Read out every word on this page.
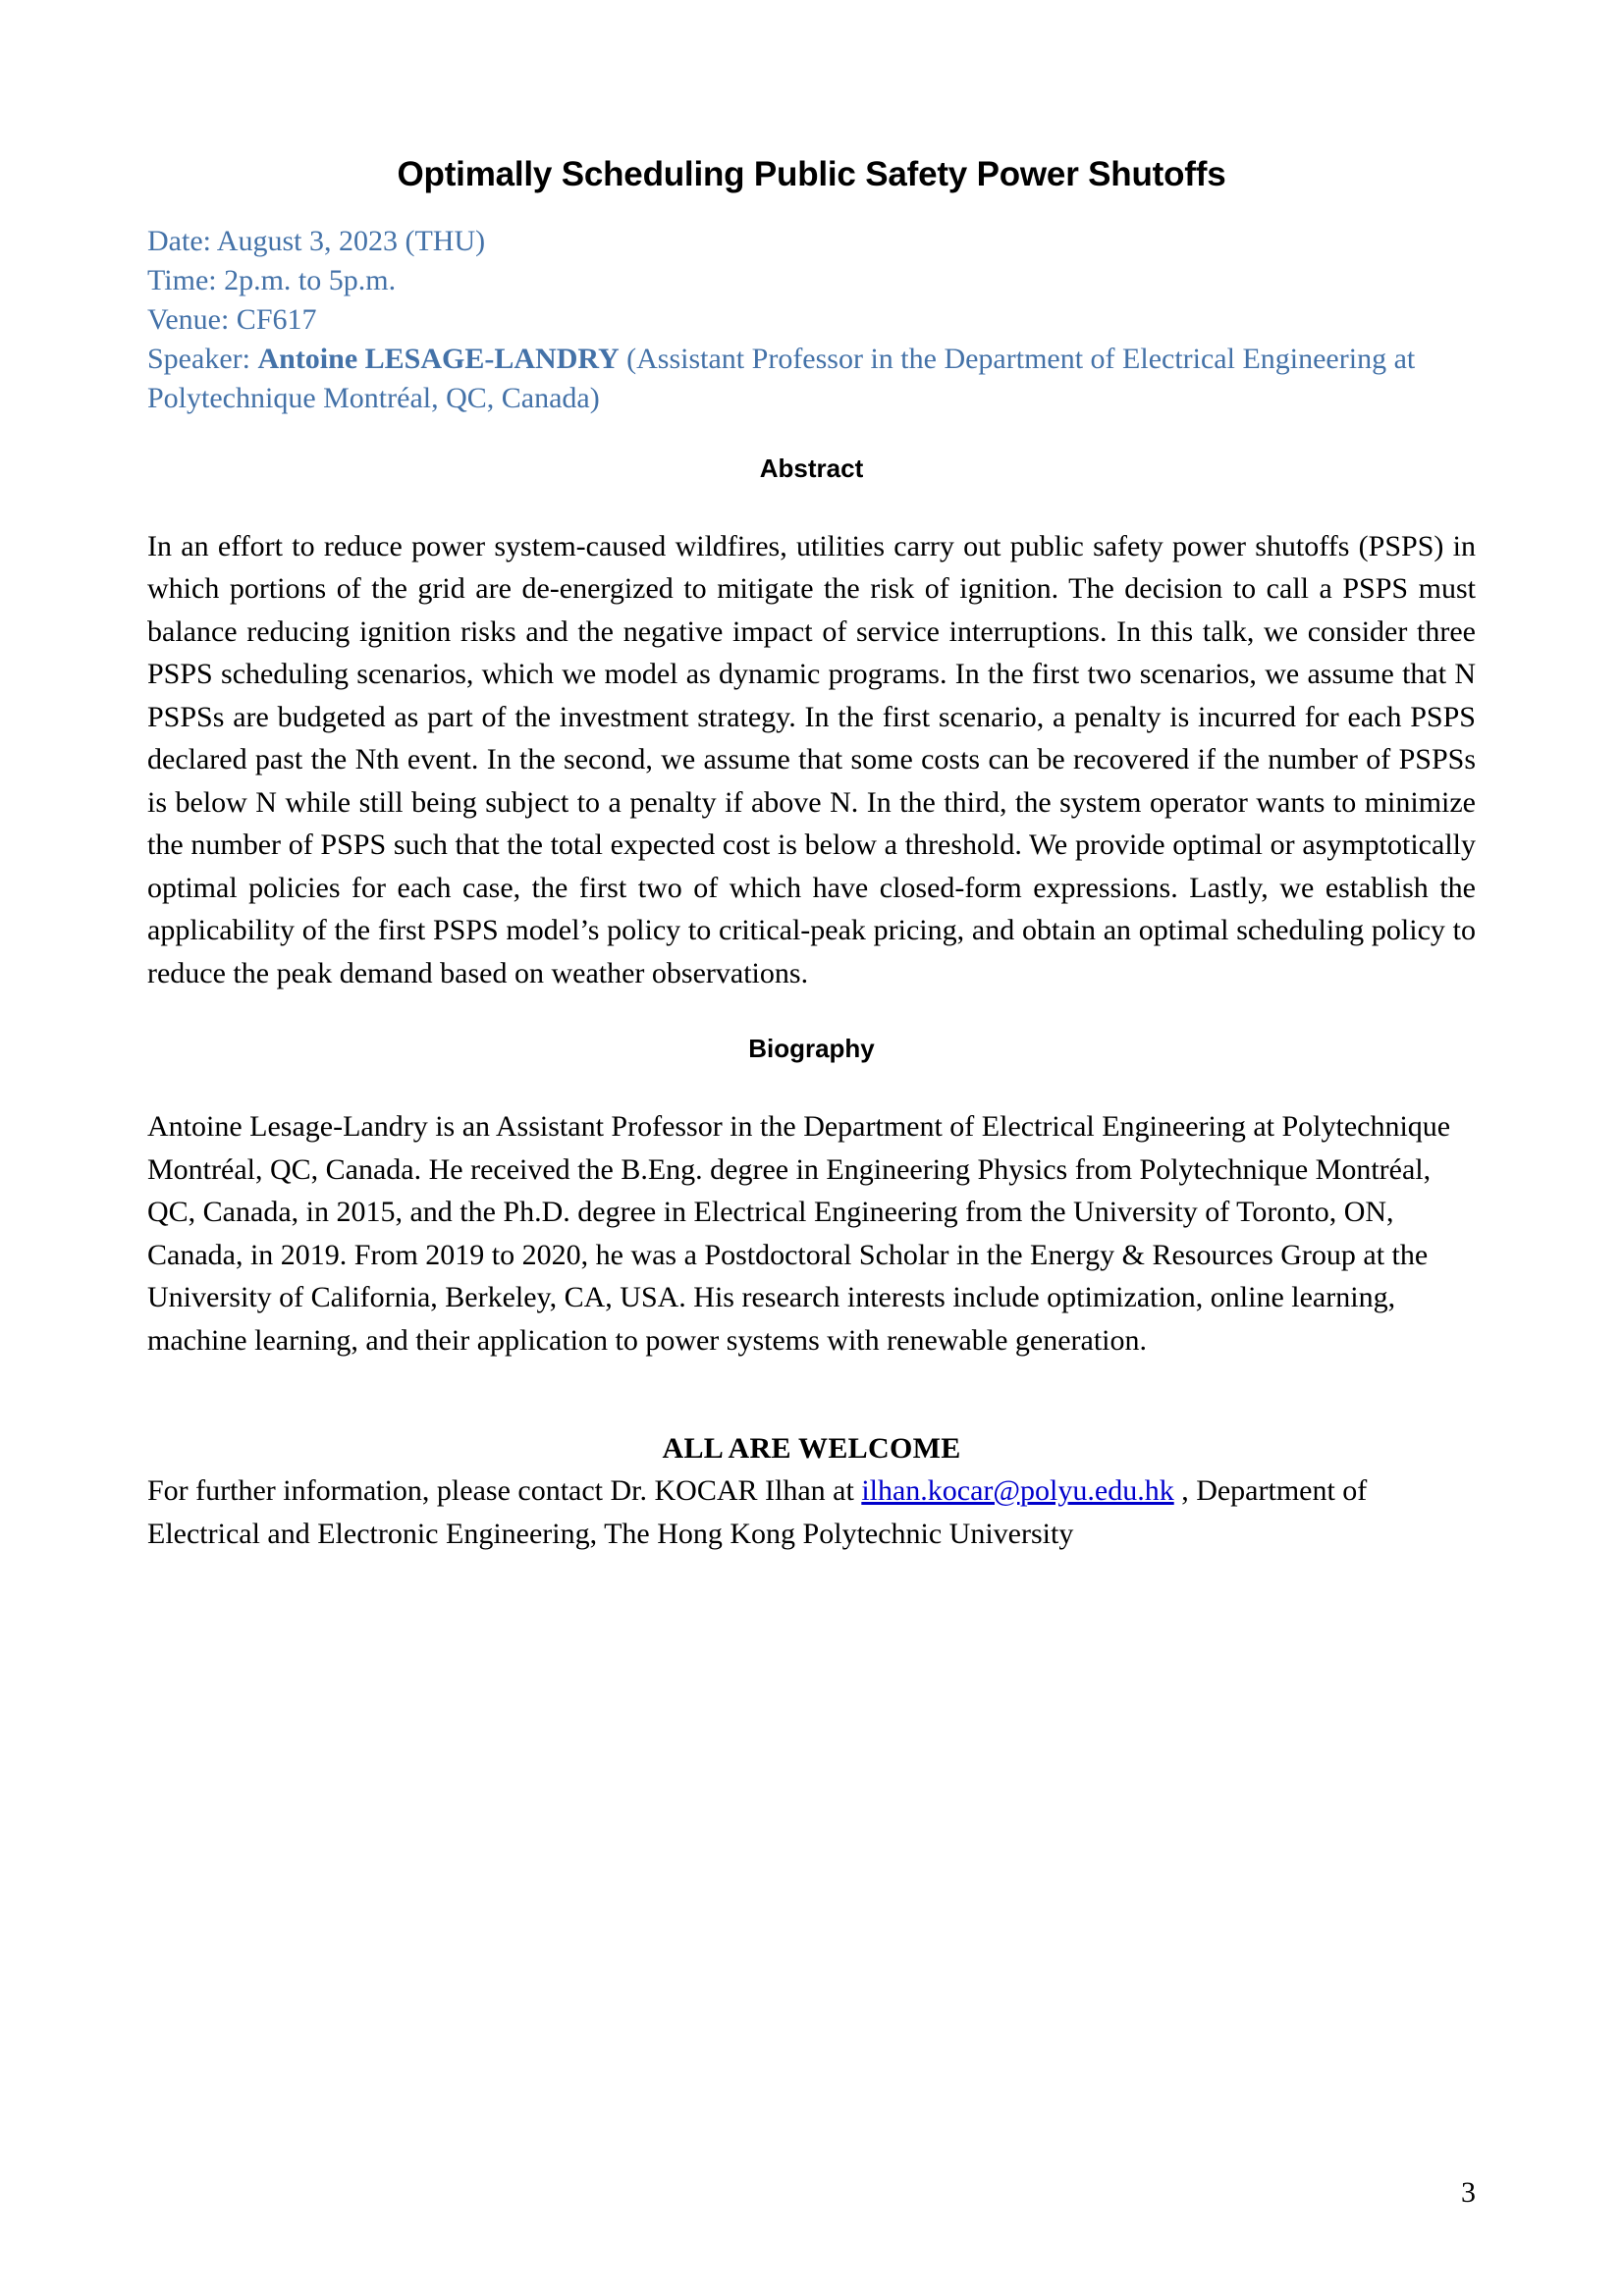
Optimally Scheduling Public Safety Power Shutoffs
Date: August 3, 2023 (THU)
Time: 2p.m. to 5p.m.
Venue: CF617
Speaker: Antoine LESAGE-LANDRY (Assistant Professor in the Department of Electrical Engineering at Polytechnique Montréal, QC, Canada)
Abstract

In an effort to reduce power system-caused wildfires, utilities carry out public safety power shutoffs (PSPS) in which portions of the grid are de-energized to mitigate the risk of ignition. The decision to call a PSPS must balance reducing ignition risks and the negative impact of service interruptions. In this talk, we consider three PSPS scheduling scenarios, which we model as dynamic programs. In the first two scenarios, we assume that N PSPSs are budgeted as part of the investment strategy. In the first scenario, a penalty is incurred for each PSPS declared past the Nth event. In the second, we assume that some costs can be recovered if the number of PSPSs is below N while still being subject to a penalty if above N. In the third, the system operator wants to minimize the number of PSPS such that the total expected cost is below a threshold. We provide optimal or asymptotically optimal policies for each case, the first two of which have closed-form expressions. Lastly, we establish the applicability of the first PSPS model’s policy to critical-peak pricing, and obtain an optimal scheduling policy to reduce the peak demand based on weather observations.

Biography

Antoine Lesage-Landry is an Assistant Professor in the Department of Electrical Engineering at Polytechnique Montréal, QC, Canada. He received the B.Eng. degree in Engineering Physics from Polytechnique Montréal, QC, Canada, in 2015, and the Ph.D. degree in Electrical Engineering from the University of Toronto, ON, Canada, in 2019. From 2019 to 2020, he was a Postdoctoral Scholar in the Energy & Resources Group at the University of California, Berkeley, CA, USA. His research interests include optimization, online learning, machine learning, and their application to power systems with renewable generation.

ALL ARE WELCOME

For further information, please contact Dr. KOCAR Ilhan at ilhan.kocar@polyu.edu.hk , Department of Electrical and Electronic Engineering, The Hong Kong Polytechnic University

3
